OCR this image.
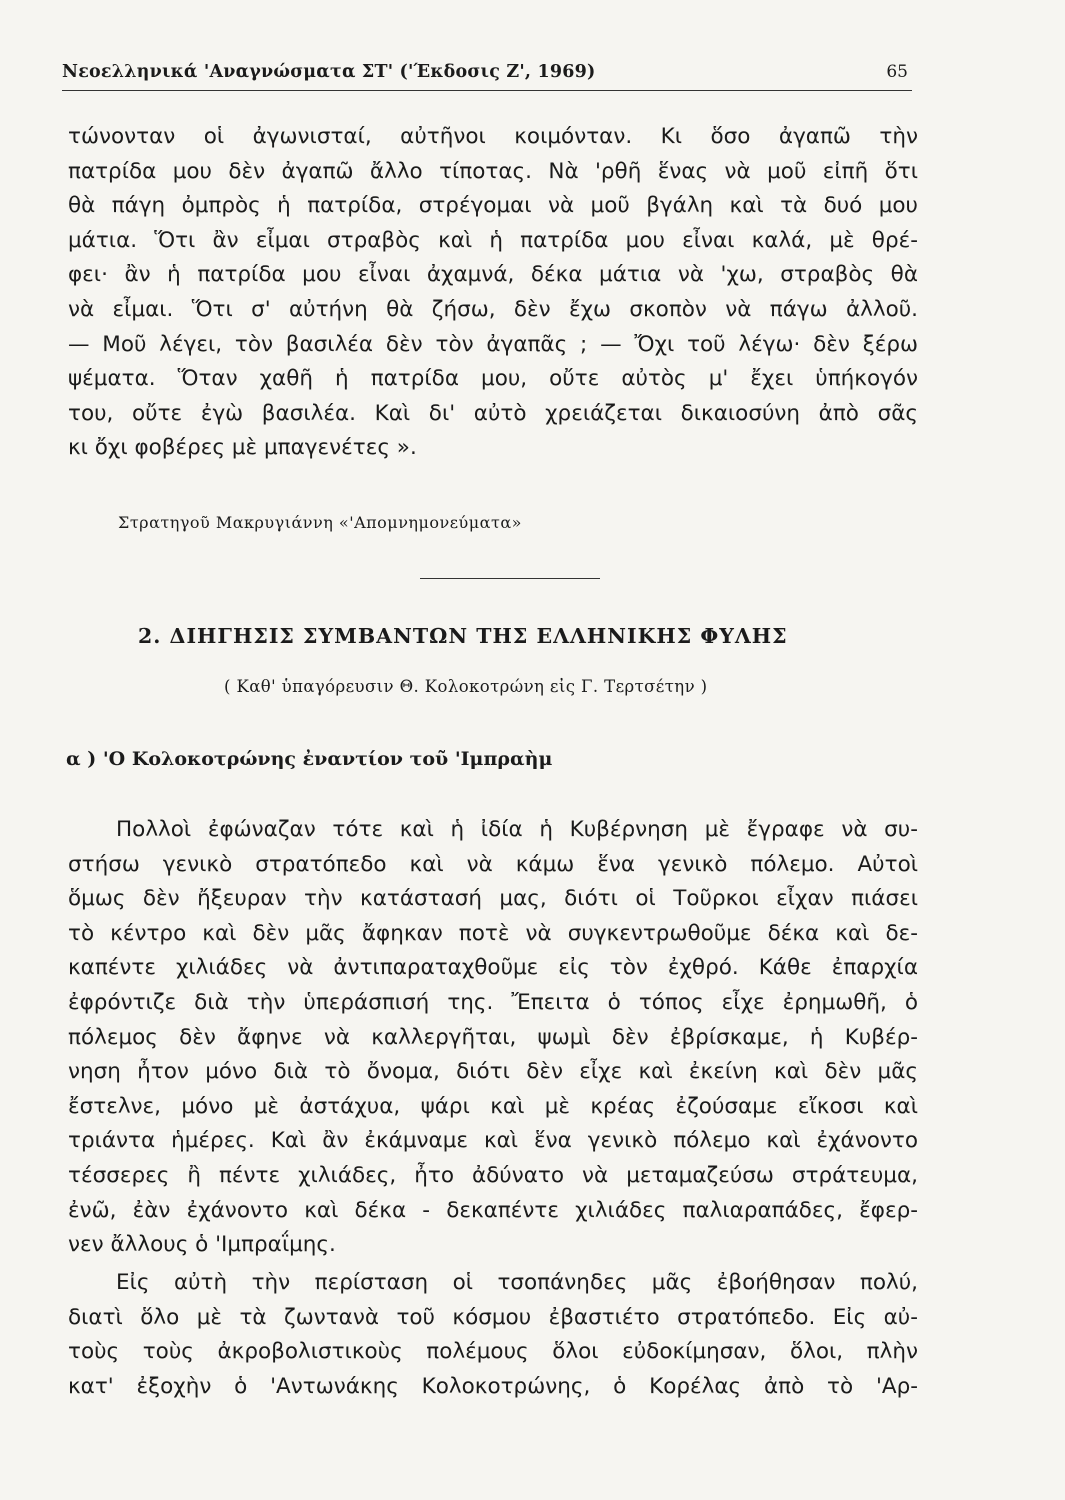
Νεοελληνικά 'Αναγνώσματα ΣΤ' ('Έκδοσις Ζ', 1969)	65
τώνονταν οἱ ἀγωνισταί, αὐτῆνοι κοιμόνταν. Κι ὅσο ἀγαπῶ τὴν
πατρίδα μου δὲν ἀγαπῶ ἄλλο τίποτας. Νὰ 'ρθῆ ἕνας νὰ μοῦ εἰπῆ ὅτι
θὰ πάγη ὀμπρὸς ἡ πατρίδα, στρέγομαι νὰ μοῦ βγάλη καὶ τὰ δυό μου
μάτια. Ὅτι ἂν εἶμαι στραβὸς καὶ ἡ πατρίδα μου εἶναι καλά, μὲ θρέ-
φει· ἂν ἡ πατρίδα μου εἶναι ἀχαμνά, δέκα μάτια νὰ 'χω, στραβὸς θὰ
νὰ εἶμαι. Ὅτι σ' αὐτήνη θὰ ζήσω, δὲν ἔχω σκοπὸν νὰ πάγω ἀλλοῦ.
— Μοῦ λέγει, τὸν βασιλέα δὲν τὸν ἀγαπᾶς ; — Ὄχι τοῦ λέγω· δὲν ξέρω
ψέματα. Ὅταν χαθῆ ἡ πατρίδα μου, οὔτε αὐτὸς μ' ἔχει ὑπήκογόν
του, οὔτε ἐγὼ βασιλέα. Καὶ δι' αὐτὸ χρειάζεται δικαιοσύνη ἀπὸ σᾶς
κι ὄχι φοβέρες μὲ μπαγενέτες ».
Στρατηγοῦ Μακρυγιάννη «'Απομνημονεύματα»
2. ΔΙΗΓΗΣΙΣ ΣΥΜΒΑΝΤΩΝ ΤΗΣ ΕΛΛΗΝΙΚΗΣ ΦΥΛΗΣ
( Καθ' ὑπαγόρευσιν Θ. Κολοκοτρώνη εἰς Γ. Τερτσέτην )
α ) 'Ο Κολοκοτρώνης ἐναντίον τοῦ 'Ιμπραὴμ
Πολλοὶ ἐφώναζαν τότε καὶ ἡ ἰδία ἡ Κυβέρνηση μὲ ἔγραφε νὰ συ-
στήσω γενικὸ στρατόπεδο καὶ νὰ κάμω ἕνα γενικὸ πόλεμο. Αὐτοὶ
ὅμως δὲν ἤξευραν τὴν κατάστασή μας, διότι οἱ Τοῦρκοι εἶχαν πιάσει
τὸ κέντρο καὶ δὲν μᾶς ἄφηκαν ποτὲ νὰ συγκεντρωθοῦμε δέκα καὶ δε-
καπέντε χιλιάδες νὰ ἀντιπαραταχθοῦμε εἰς τὸν ἐχθρό. Κάθε ἐπαρχία
ἐφρόντιζε διὰ τὴν ὑπεράσπισή της. Ἔπειτα ὁ τόπος εἶχε ἐρημωθῆ, ὁ
πόλεμος δὲν ἄφηνε νὰ καλλεργῆται, ψωμὶ δὲν ἐβρίσκαμε, ἡ Κυβέρ-
νηση ἦτον μόνο διὰ τὸ ὄνομα, διότι δὲν εἶχε καὶ ἐκείνη καὶ δὲν μᾶς
ἔστελνε, μόνο μὲ ἀστάχυα, ψάρι καὶ μὲ κρέας ἐζούσαμε εἴκοσι καὶ
τριάντα ἡμέρες. Καὶ ἂν ἐκάμναμε καὶ ἕνα γενικὸ πόλεμο καὶ ἐχάνοντο
τέσσερες ἢ πέντε χιλιάδες, ἦτο ἀδύνατο νὰ μεταμαζεύσω στράτευμα,
ἐνῶ, ἐὰν ἐχάνοντο καὶ δέκα - δεκαπέντε χιλιάδες παλιαραπάδες, ἔφερ-
νεν ἄλλους ὁ 'Ιμπραΐμης.
Εἰς αὐτὴ τὴν περίσταση οἱ τσοπάνηδες μᾶς ἐβοήθησαν πολύ,
διατὶ ὅλο μὲ τὰ ζωντανὰ τοῦ κόσμου ἐβαστιέτο στρατόπεδο. Εἰς αὐ-
τοὺς τοὺς ἀκροβολιστικοὺς πολέμους ὅλοι εὐδοκίμησαν, ὅλοι, πλὴν
κατ' ἐξοχὴν ὁ 'Αντωνάκης Κολοκοτρώνης, ὁ Κορέλας ἀπὸ τὸ 'Αρ-
